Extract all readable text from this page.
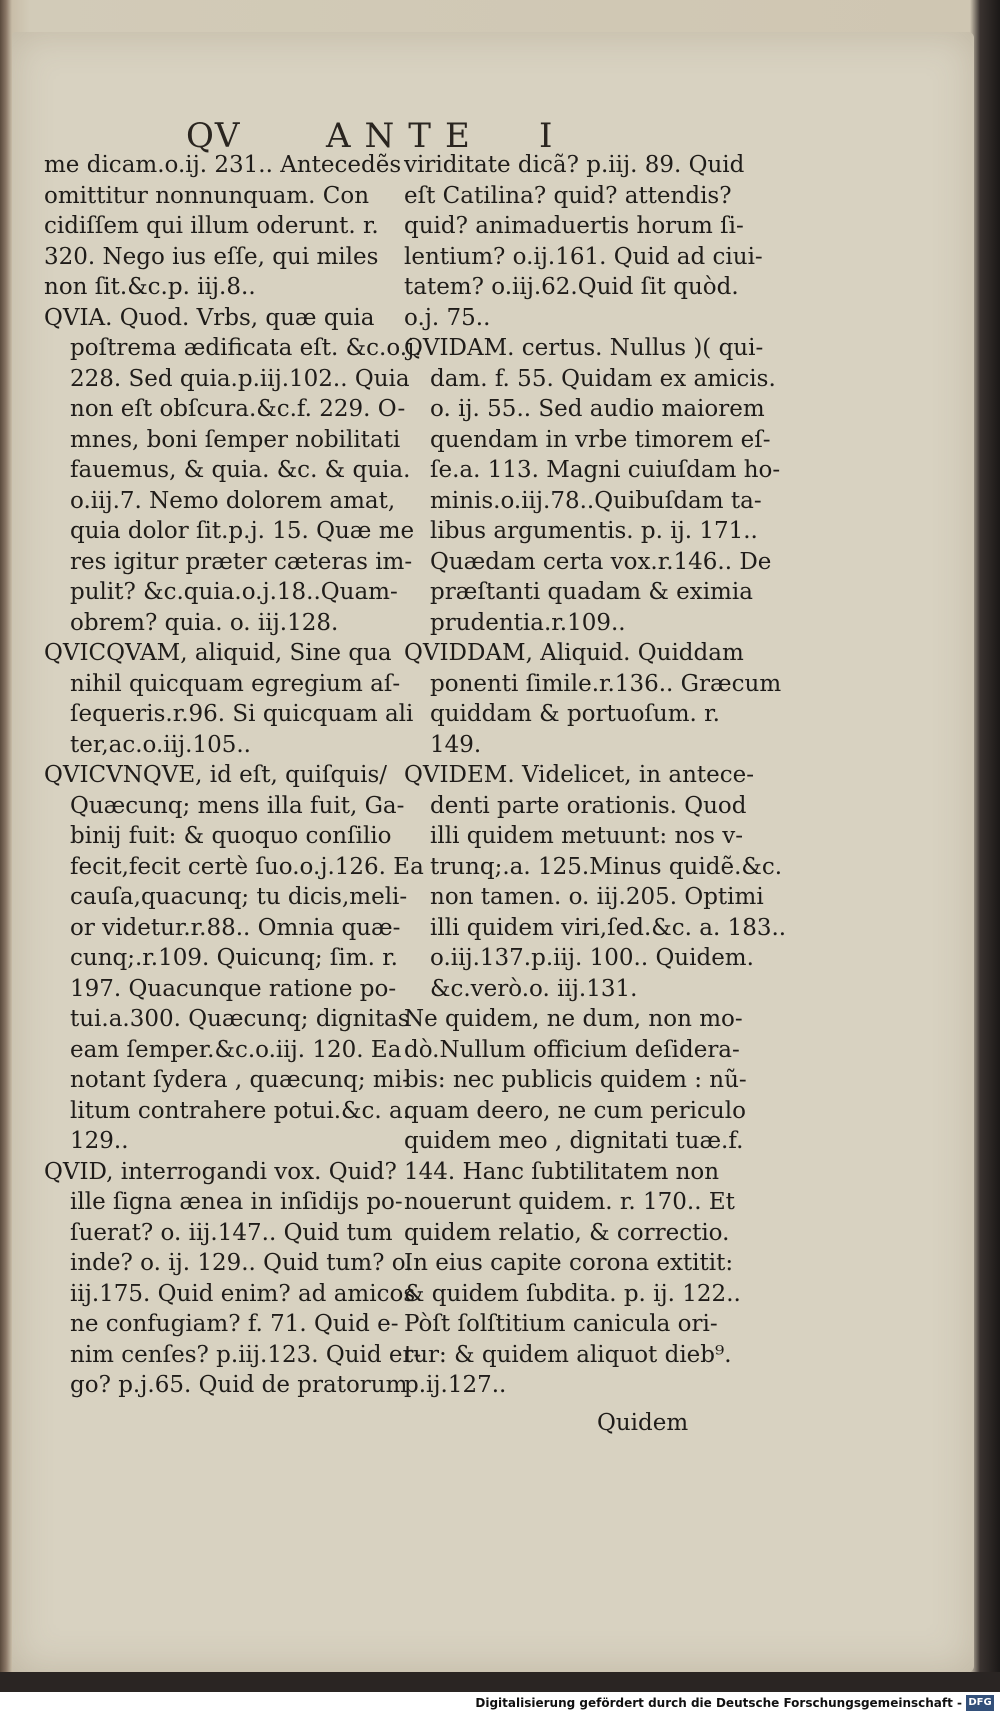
QV	ANTE I
me dicam.o.ij. 231.. Antecedẽs
omittitur nonnunquam. Con
cidiſſem qui illum oderunt. r.
320. Nego ius eſſe, qui miles
non ſit.&c.p. iij.8..
QVIA. Quod. Vrbs, quæ quia
poſtrema ædificata eſt. &c.o.j.
228. Sed quia.p.iij.102.. Quia
non eſt obſcura.&c.f. 229. O-
mnes, boni ſemper nobilitati
fauemus, & quia. &c. & quia.
o.iij.7. Nemo dolorem amat,
quia dolor ſit.p.j. 15. Quæ me
res igitur præter cæteras im-
pulit? &c.quia.o.j.18..Quam-
obrem? quia. o. iij.128.
QVICQVAM, aliquid, Sine qua
nihil quicquam egregium aſ-
ſequeris.r.96. Si quicquam ali
ter,ac.o.iij.105..
QVICVNQVE, id eſt, quiſquis/
Quæcunq; mens illa fuit, Ga-
binij fuit: & quoquo conſilio
fecit,fecit certè ſuo.o.j.126. Ea
cauſa,quacunq; tu dicis,meli-
or videtur.r.88.. Omnia quæ-
cunq;.r.109. Quicunq; ſim. r.
197. Quacunque ratione po-
tui.a.300. Quæcunq; dignitas
eam ſemper.&c.o.iij. 120. Ea
notant ſydera , quæcunq; mi-
litum contrahere potui.&c. a.
129..
QVID, interrogandi vox. Quid?
ille ſigna ænea in inſidijs po-
ſuerat? o. iij.147.. Quid tum
inde? o. ij. 129.. Quid tum? o.
iij.175. Quid enim? ad amicos
ne confugiam? f. 71. Quid e-
nim cenſes? p.iij.123. Quid er-
go? p.j.65. Quid de pratorum
viriditate dicã? p.iij. 89. Quid
eſt Catilina? quid? attendis?
quid? animaduertis horum ſi-
lentium? o.ij.161. Quid ad ciui-
tatem? o.iij.62.Quid ſit quòd.
o.j. 75..
QVIDAM. certus. Nullus )( qui-
dam. f. 55. Quidam ex amicis.
o. ij. 55.. Sed audio maiorem
quendam in vrbe timorem eſ-
ſe.a. 113. Magni cuiuſdam ho-
minis.o.iij.78..Quibuſdam ta-
libus argumentis. p. ij. 171..
Quædam certa vox.r.146.. De
præſtanti quadam & eximia
prudentia.r.109..
QVIDDAM, Aliquid. Quiddam
ponenti ſimile.r.136.. Græcum
quiddam & portuoſum. r.
149.
QVIDEM. Videlicet, in antece-
denti parte orationis. Quod
illi quidem metuunt: nos v-
trunq;.a. 125.Minus quidẽ.&c.
non tamen. o. iij.205. Optimi
illi quidem viri,ſed.&c. a. 183..
o.iij.137.p.iij. 100.. Quidem.
&c.verò.o. iij.131.
Ne quidem, ne dum, non mo-
dò.Nullum officium deſidera-
bis: nec publicis quidem : nũ-
quam deero, ne cum periculo
quidem meo , dignitati tuæ.f.
144. Hanc ſubtilitatem non
nouerunt quidem. r. 170.. Et
quidem relatio, & correctio.
In eius capite corona extitit:
& quidem ſubdita. p. ij. 122..
Pòſt ſolſtitium canicula ori-
tur: & quidem aliquot dieb⁹.
p.ij.127..
Quidem
Digitalisierung gefördert durch die Deutsche Forschungsgemeinschaft - DFG
